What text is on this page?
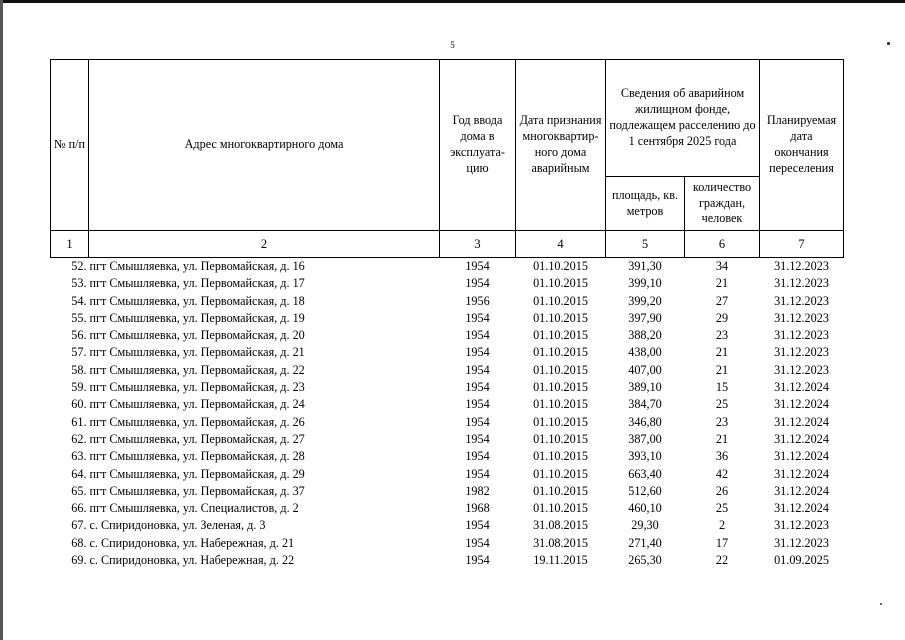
5
№ п/п	Адрес многоквартирного дома	Год ввода дома в эксплуата-цию	Дата признания многоквартир-ного дома аварийным	Сведения об аварийном жилищном фонде, подлежащем расселению до 1 сентября 2025 года		Планируемая дата окончания переселения
				площадь, кв. метров	количество граждан, человек	
1	2	3	4	5	6	7
52.	пгт Смышляевка, ул. Первомайская, д. 16	1954	01.10.2015	391,30	34	31.12.2023
53.	пгт Смышляевка, ул. Первомайская, д. 17	1954	01.10.2015	399,10	21	31.12.2023
54.	пгт Смышляевка, ул. Первомайская, д. 18	1956	01.10.2015	399,20	27	31.12.2023
55.	пгт Смышляевка, ул. Первомайская, д. 19	1954	01.10.2015	397,90	29	31.12.2023
56.	пгт Смышляевка, ул. Первомайская, д. 20	1954	01.10.2015	388,20	23	31.12.2023
57.	пгт Смышляевка, ул. Первомайская, д. 21	1954	01.10.2015	438,00	21	31.12.2023
58.	пгт Смышляевка, ул. Первомайская, д. 22	1954	01.10.2015	407,00	21	31.12.2023
59.	пгт Смышляевка, ул. Первомайская, д. 23	1954	01.10.2015	389,10	15	31.12.2024
60.	пгт Смышляевка, ул. Первомайская, д. 24	1954	01.10.2015	384,70	25	31.12.2024
61.	пгт Смышляевка, ул. Первомайская, д. 26	1954	01.10.2015	346,80	23	31.12.2024
62.	пгт Смышляевка, ул. Первомайская, д. 27	1954	01.10.2015	387,00	21	31.12.2024
63.	пгт Смышляевка, ул. Первомайская, д. 28	1954	01.10.2015	393,10	36	31.12.2024
64.	пгт Смышляевка, ул. Первомайская, д. 29	1954	01.10.2015	663,40	42	31.12.2024
65.	пгт Смышляевка, ул. Первомайская, д. 37	1982	01.10.2015	512,60	26	31.12.2024
66.	пгт Смышляевка, ул. Специалистов, д. 2	1968	01.10.2015	460,10	25	31.12.2024
67.	с. Спиридоновка, ул. Зеленая, д. 3	1954	31.08.2015	29,30	2	31.12.2023
68.	с. Спиридоновка, ул. Набережная, д. 21	1954	31.08.2015	271,40	17	31.12.2023
69.	с. Спиридоновка, ул. Набережная, д. 22	1954	19.11.2015	265,30	22	01.09.2025
